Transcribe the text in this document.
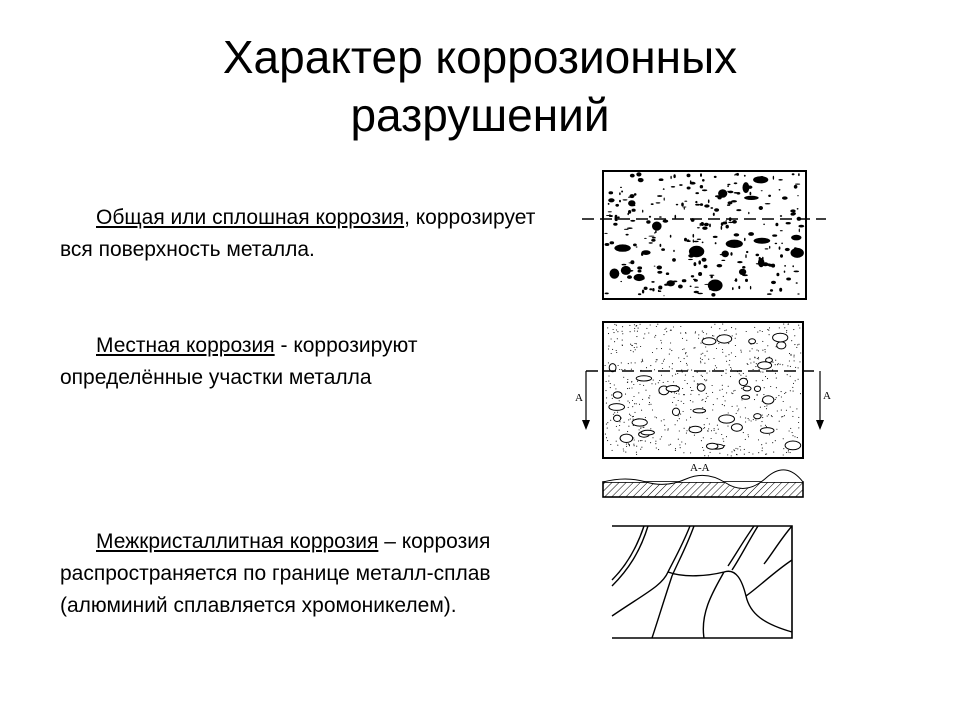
Характер коррозионных
разрушений
Общая или сплошная коррозия, коррозирует вся поверхность металла.
Местная коррозия - коррозируют определённые участки металла
Межкристаллитная коррозия – коррозия распространяется по границе металл-сплав (алюминий сплавляется хромоникелем).
A	A
A-A
